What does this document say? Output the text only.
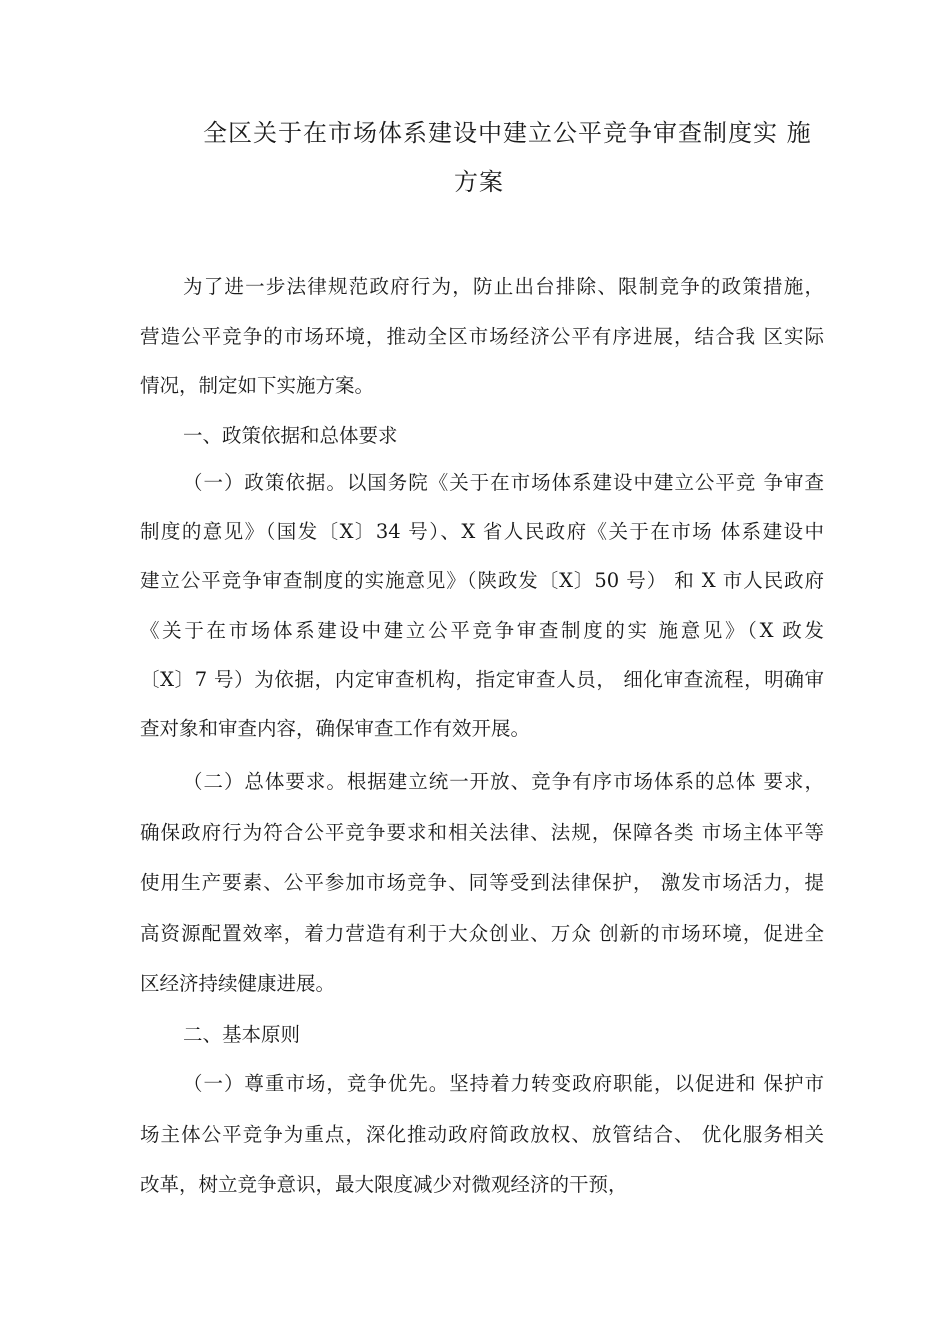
全区关于在市场体系建设中建立公平竞争审查制度实 施
方案
为了进一步法律规范政府行为，防止出台排除、限制竞争的政策措施，
营造公平竞争的市场环境，推动全区市场经济公平有序进展，结合我 区实际
情况，制定如下实施方案。
一、政策依据和总体要求
（一）政策依据。以国务院《关于在市场体系建设中建立公平竞 争审查
制度的意见》（国发〔X〕34 号）、X 省人民政府《关于在市场 体系建设中
建立公平竞争审查制度的实施意见》（陕政发〔X〕50 号） 和 X 市人民政府
《关于在市场体系建设中建立公平竞争审查制度的实 施意见》（X 政发
〔X〕7 号）为依据，内定审查机构，指定审查人员， 细化审查流程，明确审
查对象和审查内容，确保审查工作有效开展。
（二）总体要求。根据建立统一开放、竞争有序市场体系的总体 要求，
确保政府行为符合公平竞争要求和相关法律、法规，保障各类 市场主体平等
使用生产要素、公平参加市场竞争、同等受到法律保护， 激发市场活力，提
高资源配置效率，着力营造有利于大众创业、万众 创新的市场环境，促进全
区经济持续健康进展。
二、基本原则
（一）尊重市场，竞争优先。坚持着力转变政府职能，以促进和 保护市
场主体公平竞争为重点，深化推动政府简政放权、放管结合、 优化服务相关
改革，树立竞争意识，最大限度减少对微观经济的干预，
